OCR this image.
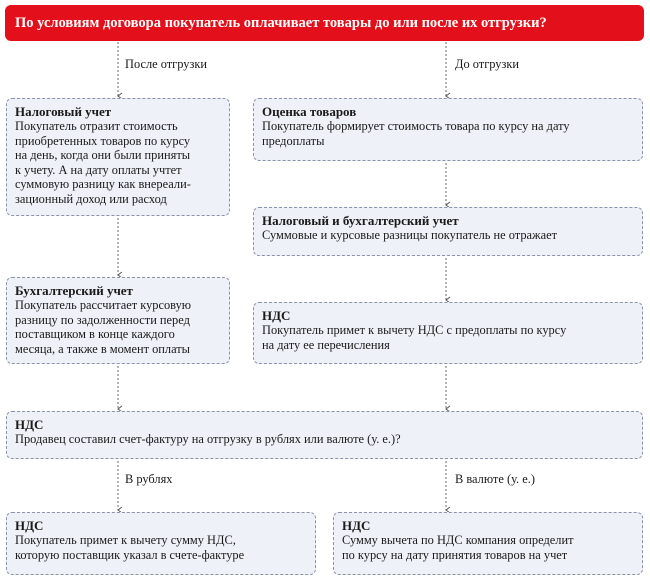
По условиям договора покупатель оплачивает товары до или после их отгрузки?
После отгрузки	До отгрузки
В рублях	В валюте (у. е.)
Налоговый учет
Покупатель отразит стоимость
приобретенных товаров по курсу
на день, когда они были приняты
к учету. А на дату оплаты учтет
суммовую разницу как внереали-
зационный доход или расход
Бухгалтерский учет
Покупатель рассчитает курсовую
разницу по задолженности перед
поставщиком в конце каждого
месяца, а также в момент оплаты
Оценка товаров
Покупатель формирует стоимость товара по курсу на дату
предоплаты
Налоговый и бухгалтерский учет
Суммовые и курсовые разницы покупатель не отражает
НДС
Покупатель примет к вычету НДС с предоплаты по курсу
на дату ее перечисления
НДС
Продавец составил счет-фактуру на отгрузку в рублях или валюте (у. е.)?
НДС
Покупатель примет к вычету сумму НДС,
которую поставщик указал в счете-фактуре
НДС
Сумму вычета по НДС компания определит
по курсу на дату принятия товаров на учет
